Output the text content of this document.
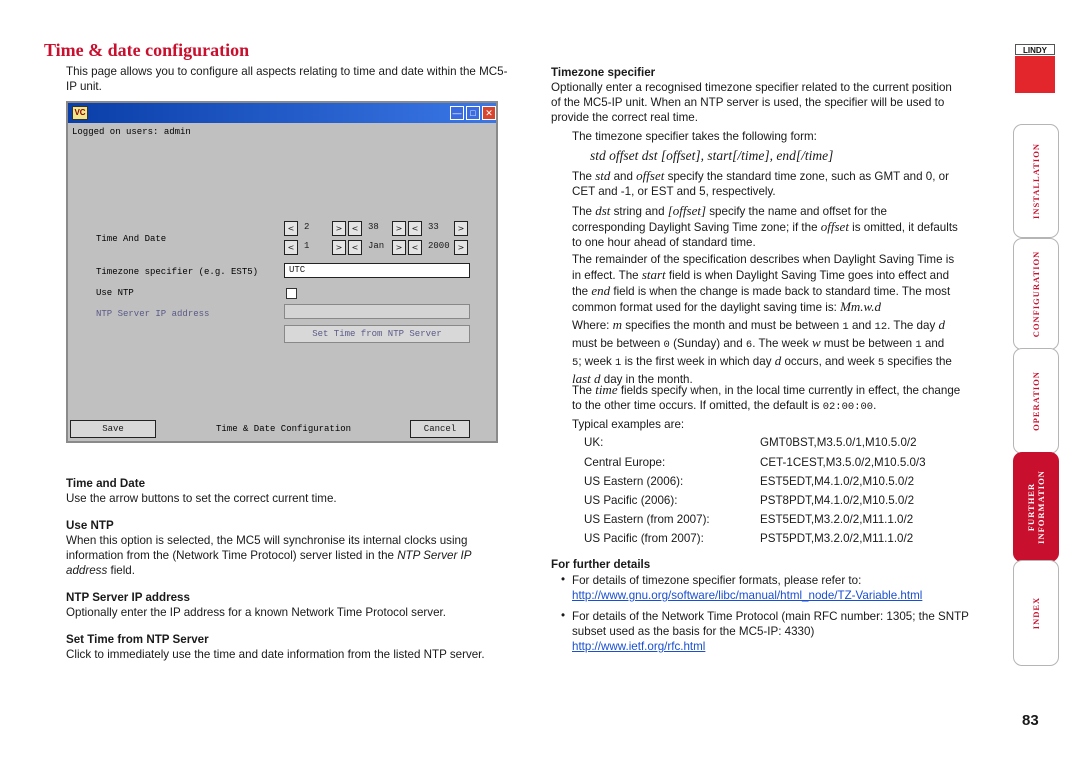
Time & date configuration
This page allows you to configure all aspects relating to time and date within the MC5-IP unit.
VC	— □	✕
Logged on users: admin
Time And Date
<	2	>	<	38	>	<	33	>
<	1	>	<	Jan	>	<	2000	>
Timezone specifier (e.g. EST5)	UTC
Use NTP
NTP Server IP address
Set Time from NTP Server
Save	Time & Date Configuration	Cancel
Time and Date
Use the arrow buttons to set the correct current time.
Use NTP
When this option is selected, the MC5 will synchronise its internal clocks using
information from the (Network Time Protocol) server listed in the NTP Server IP
address field.
NTP Server IP address
Optionally enter the IP address for a known Network Time Protocol server.
Set Time from NTP Server
Click to immediately use the time and date information from the listed NTP server.
Timezone specifier
Optionally enter a recognised timezone specifier related to the current position
of the MC5-IP unit. When an NTP server is used, the specifier will be used to
provide the correct real time.
The timezone specifier takes the following form:
std offset dst [offset], start[/time], end[/time]
The std and offset specify the standard time zone, such as GMT and 0, or
CET and -1, or EST and 5, respectively.
The dst string and [offset] specify the name and offset for the
corresponding Daylight Saving Time zone; if the offset is omitted, it defaults
to one hour ahead of standard time.
The remainder of the specification describes when Daylight Saving Time is
in effect. The start field is when Daylight Saving Time goes into effect and
the end field is when the change is made back to standard time. The most
common format used for the daylight saving time is: Mm.w.d
Where: m specifies the month and must be between 1 and 12. The day d
must be between 0 (Sunday) and 6. The week w must be between 1 and
5; week 1 is the first week in which day d occurs, and week 5 specifies the
last d day in the month.
The time fields specify when, in the local time currently in effect, the change
to the other time occurs. If omitted, the default is 02:00:00.
Typical examples are:
UK:	GMT0BST,M3.5.0/1,M10.5.0/2
Central Europe:	CET-1CEST,M3.5.0/2,M10.5.0/3
US Eastern (2006):	EST5EDT,M4.1.0/2,M10.5.0/2
US Pacific (2006):	PST8PDT,M4.1.0/2,M10.5.0/2
US Eastern (from 2007):	EST5EDT,M3.2.0/2,M11.1.0/2
US Pacific (from 2007):	PST5PDT,M3.2.0/2,M11.1.0/2
For further details
• For details of timezone specifier formats, please refer to:
http://www.gnu.org/software/libc/manual/html_node/TZ-Variable.html
• For details of the Network Time Protocol (main RFC number: 1305; the SNTP
subset used as the basis for the MC5-IP: 4330)
http://www.ietf.org/rfc.html
LINDY
INSTALLATION
CONFIGURATION
OPERATION
FURTHER INFORMATION
INDEX
83
